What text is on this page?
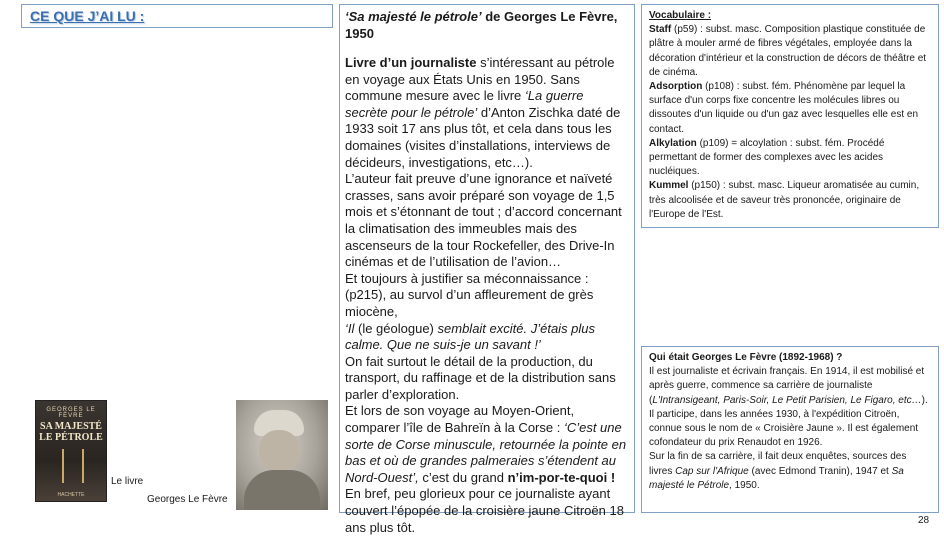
CE QUE J’AI LU :	‘Sa majesté le pétrole’ de Georges Le Fèvre, 1950

Livre d’un journaliste s’intéressant au pétrole en voyage aux États Unis en 1950. Sans commune mesure avec le livre ‘La guerre secrète pour le pétrole’ d’Anton Zischka daté de 1933 soit 17 ans plus tôt, et cela dans tous les domaines (visites d’installations, interviews de décideurs, investigations, etc…).

L’auteur fait preuve d’une ignorance et naïveté crasses, sans avoir préparé son voyage de 1,5 mois et s’étonnant de tout ; d’accord concernant la climatisation des immeubles mais des ascenseurs de la tour Rockefeller, des Drive-In cinémas et de l’utilisation de l’avion…

Et toujours à justifier sa méconnaissance : (p215), au survol d’un affleurement de grès miocène,

‘Il (le géologue) semblait excité. J’étais plus calme. Que ne suis-je un savant !’

On fait surtout le détail de la production, du transport, du raffinage et de la distribution sans parler d’exploration.

Et lors de son voyage au Moyen-Orient, comparer l’île de Bahreïn à la Corse : ‘C’est une sorte de Corse minuscule, retournée la pointe en bas et où de grandes palmeraies s’étendent au Nord-Ouest’, c’est du grand n’im-por-te-quoi !

En bref, peu glorieux pour ce journaliste ayant couvert l’épopée de la croisière jaune Citroën 18 ans plus tôt.

Vocabulaire :
Staff (p59) : subst. masc. Composition plastique constituée de plâtre à mouler armé de fibres végétales, employée dans la décoration d'intérieur et la construction de décors de théâtre et de cinéma.
Adsorption (p108) : subst. fém. Phénomène par lequel la surface d'un corps fixe concentre les molécules libres ou dissoutes d'un liquide ou d'un gaz avec lesquelles elle est en contact.
Alkylation (p109) = alcoylation : subst. fém. Procédé permettant de former des complexes avec les acides nucléiques.
Kummel (p150) : subst. masc. Liqueur aromatisée au cumin, très alcoolisée et de saveur très prononcée, originaire de l'Europe de l'Est.
Qui était Georges Le Fèvre (1892-1968) ?
Il est journaliste et écrivain français. En 1914, il est mobilisé et après guerre, commence sa carrière de journaliste (L'Intransigeant, Paris-Soir, Le Petit Parisien, Le Figaro, etc…). Il participe, dans les années 1930, à l'expédition Citroën, connue sous le nom de « Croisière Jaune ». Il est également cofondateur du prix Renaudot en 1926.
Sur la fin de sa carrière, il fait deux enquêtes, sources des livres Cap sur l'Afrique (avec Edmond Tranin), 1947 et Sa majesté le Pétrole, 1950.
GEORGES LE FÈVRE
SA MAJESTÉ
LE PÉTROLE
HACHETTE
Le livre
Georges Le Fèvre
28
